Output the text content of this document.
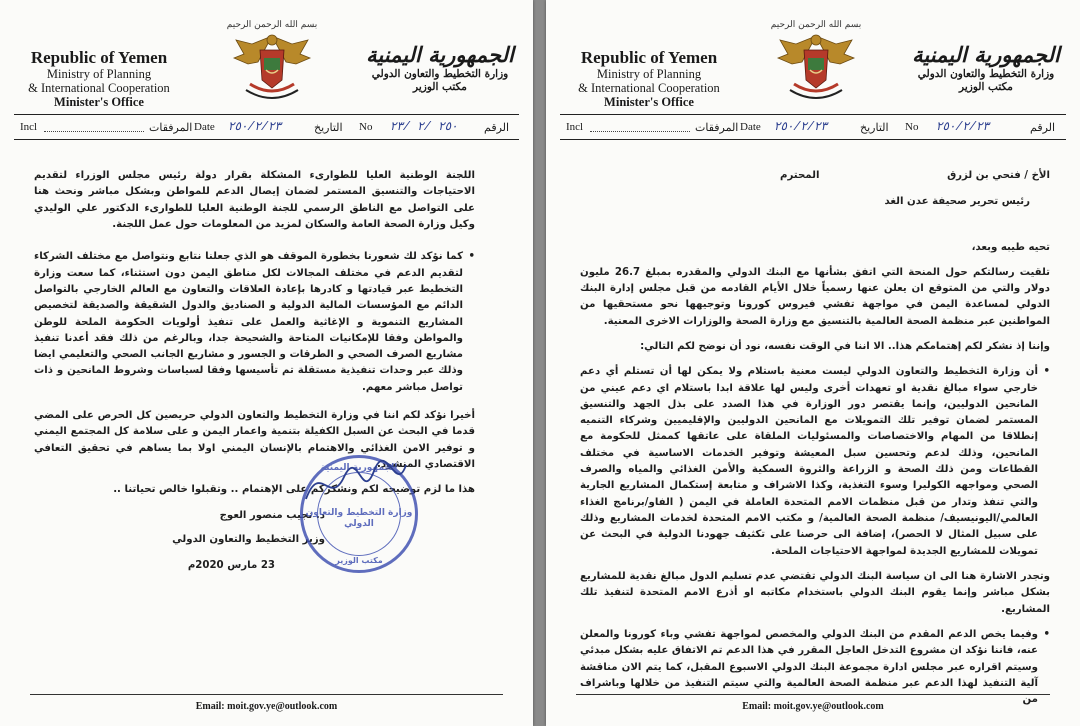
Republic of Yemen
Ministry of Planning
& International Cooperation
Minister's Office
بسم الله الرحمن الرحيم
الجمهورية اليمنية
وزارة التخطيط والتعاون الدولي
مكتب الوزير
Incl	المرفقات Date ٢٥٠/٢/٢٣	التاريخ No ٢٥٠ /٢ /٢٣ الرقم

اللجنة الوطنية العليا للطوارىء المشكلة بقرار دولة رئيس مجلس الوزراء لتقديم الاحتياجات والتنسيق المستمر لضمان إيصال الدعم للمواطن وبشكل مباشر ونحث هنا على التواصل مع الناطق الرسمي للجنة الوطنية العليا للطوارىء الدكتور علي الوليدي وكيل وزارة الصحة العامة والسكان لمزيد من المعلومات حول عمل اللجنة.

• كما نؤكد لك شعورنا بخطورة الموقف هو الذي جعلنا نتابع ونتواصل مع مختلف الشركاء لتقديم الدعم في مختلف المجالات لكل مناطق اليمن دون استثناء، كما سعت وزارة التخطيط عبر قيادتها و كادرها بإعادة العلاقات والتعاون مع العالم الخارجي بالتواصل الدائم مع المؤسسات المالية الدولية و الصناديق والدول الشقيقة والصديقة لتخصيص المشاريع التنموية و الإغاثية والعمل على تنفيذ أولويات الحكومة الملحة للوطن والمواطن وفقا للإمكانيات المتاحة والشحيحة جدا، وبالرغم من ذلك فقد أعدنا تنفيذ مشاريع الصرف الصحي و الطرقات و الجسور و مشاريع الجانب الصحي والتعليمي ايضا وذلك عبر وحدات تنفيذية مستقلة تم تأسيسها وفقا لسياسات وشروط المانحين و ذات تواصل مباشر معهم.

أخيرا نؤكد لكم اننا في وزارة التخطيط والتعاون الدولي حريصين كل الحرص على المضي قدما في البحث عن السبل الكفيلة بتنمية واعمار اليمن و على سلامة كل المجتمع اليمني و توفير الامن الغذائي والاهتمام بالإنسان اليمني اولا بما يساهم في تحقيق التعافي الاقتصادي المنشود.

هذا ما لزم توضيحه لكم ونشكركم على الإهتمام .. وتقبلوا خالص تحياتنا ..

د. نجيب منصور العوج
وزير التخطيط والتعاون الدولي
23 مارس 2020م
الجمهورية اليمنية
وزارة التخطيط والتعاون الدولي
مكتب الوزير
Email: moit.gov.ye@outlook.com
Republic of Yemen
Ministry of Planning
& International Cooperation
Minister's Office
بسم الله الرحمن الرحيم
الجمهورية اليمنية
وزارة التخطيط والتعاون الدولي
مكتب الوزير
Incl	المرفقات Date ٢٥٠/٢/٢٣	التاريخ No ٢٥٠/٢/٢٣	الرقم
الأخ / فتحي بن لزرق
المحترم
رئيس تحرير صحيفة عدن الغد
تحيه طيبه وبعد،

تلقيت رسالتكم حول المنحة التي اتفق بشأنها مع البنك الدولي والمقدره بمبلغ 26.7 مليون دولار والتي من المتوقع ان يعلن عنها رسمياً خلال الأيام القادمه من قبل مجلس إدارة البنك الدولي لمساعدة اليمن في مواجهة تفشي فيروس كورونا وتوجيهها نحو مستحقيها من المواطنين عبر منظمة الصحة العالمية بالتنسيق مع وزارة الصحة والوزارات الاخرى المعنية.

وإننا إذ نشكر لكم إهتمامكم هذا.. الا اننا في الوقت نفسه، نود أن نوضح لكم التالي:

• أن وزارة التخطيط والتعاون الدولي ليست معنية باستلام ولا يمكن لها أن تستلم أي دعم خارجي سواء مبالغ نقدية او تعهدات أخرى وليس لها علاقة ابدا باستلام اي دعم عيني من المانحين الدوليين، وإنما يقتصر دور الوزارة في هذا الصدد على بذل الجهد والتنسيق المستمر لضمان توفير تلك التمويلات مع المانحين الدوليين والإقليميين وشركاء التنميه إنطلاقا من المهام والاختصاصات والمسئوليات الملقاة على عاتقها كممثل للحكومة مع المانحين، وذلك لدعم وتحسين سبل المعيشة وتوفير الخدمات الاساسية في مختلف القطاعات ومن ذلك الصحة و الزراعة والثروة السمكية والأمن الغذائي والمياه والصرف الصحي ومواجهه الكوليرا وسوء التغذية، وكذا الاشراف و متابعة إستكمال المشاريع الجارية والتي تنفذ وتدار من قبل منظمات الامم المتحدة العاملة في اليمن ( الفاو/برنامج الغذاء العالمي/اليونيسيف/ منظمة الصحة العالمية/ و مكتب الامم المتحدة لخدمات المشاريع وذلك على سبيل المثال لا الحصر)، إضافة الى حرصنا على تكثيف جهودنا الدولية في البحث عن تمويلات للمشاريع الجديدة لمواجهة الاحتياجات الملحة.

وتجدر الاشارة هنا الى ان سياسة البنك الدولي تقتضي عدم تسليم الدول مبالغ نقدية للمشاريع بشكل مباشر وإنما يقوم البنك الدولي باستخدام مكاتبه او أذرع الامم المتحدة لتنفيذ تلك المشاريع.

• وفيما يخص الدعم المقدم من البنك الدولي والمخصص لمواجهة تفشي وباء كورونا والمعلن عنه، فاننا نؤكد ان مشروع التدخل العاجل المقرر في هذا الدعم تم الاتفاق عليه بشكل مبدئي وسيتم اقراره عبر مجلس ادارة مجموعة البنك الدولي الاسبوع المقبل، كما يتم الان مناقشة آلية التنفيذ لهذا الدعم عبر منظمة الصحة العالمية والتي سيتم التنفيذ من خلالها وباشراف من

Email: moit.gov.ye@outlook.com
